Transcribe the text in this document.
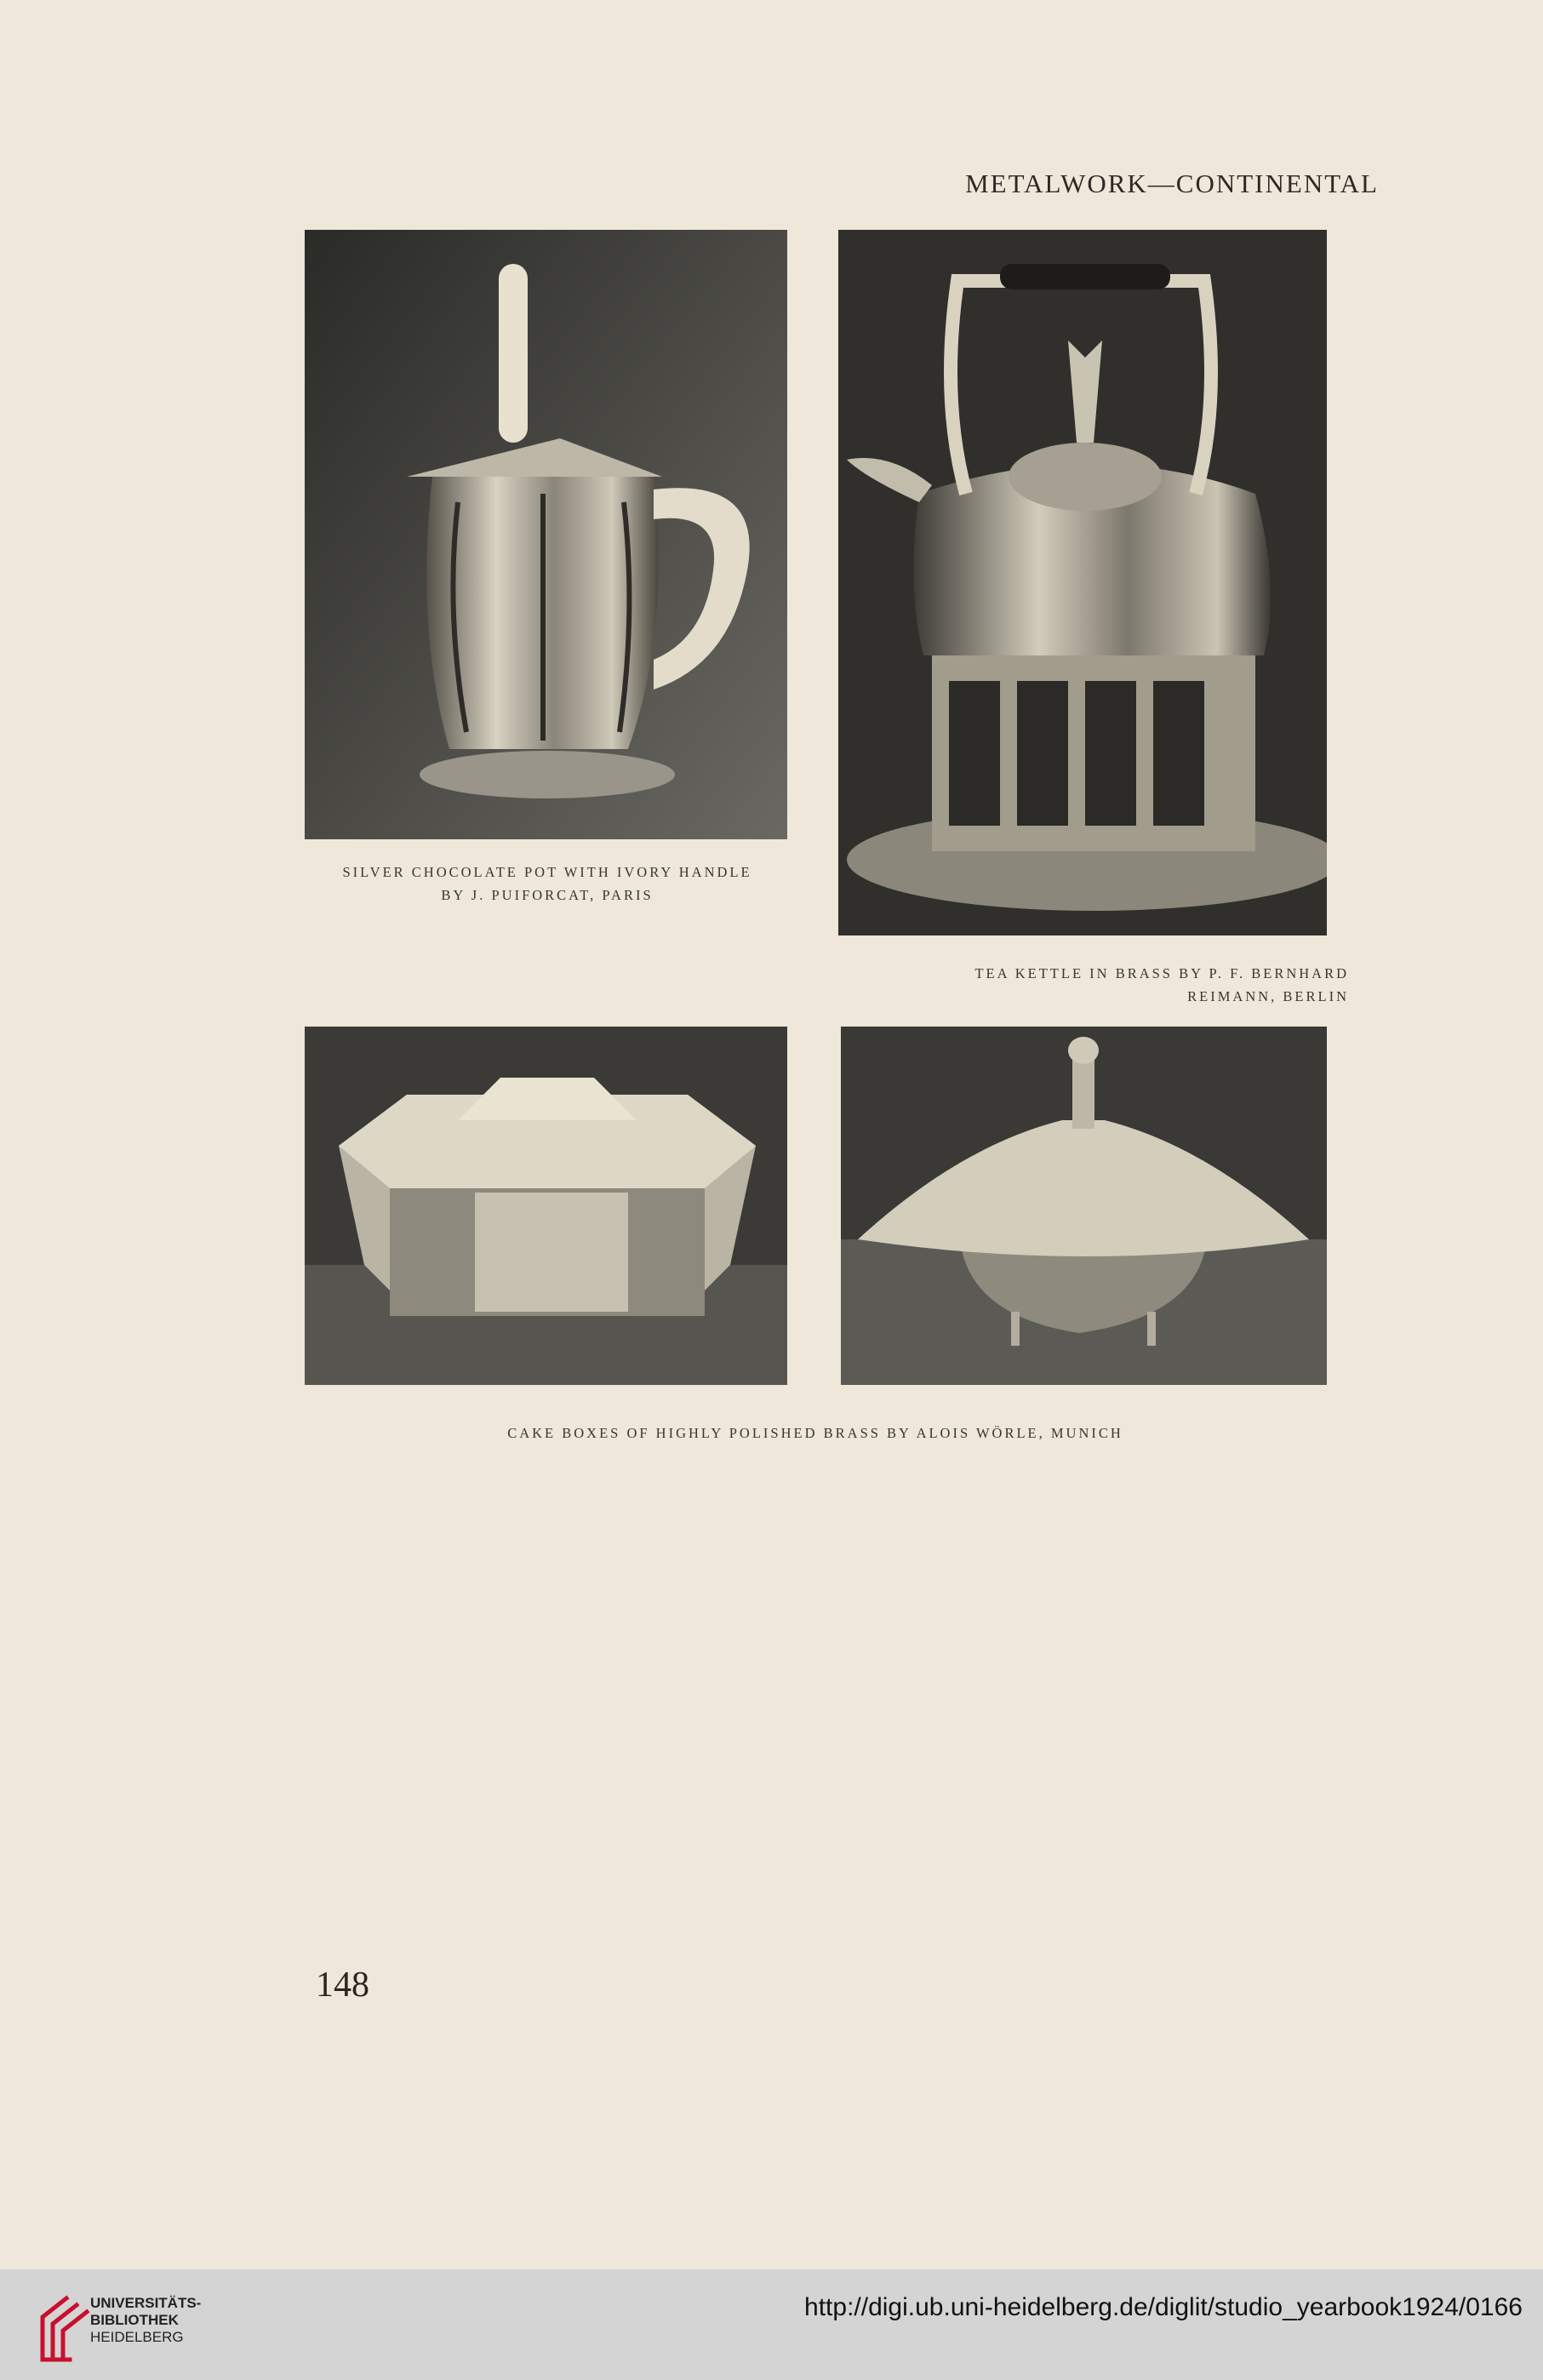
METALWORK—CONTINENTAL
SILVER CHOCOLATE POT WITH IVORY HANDLE
BY J. PUIFORCAT, PARIS
TEA KETTLE IN BRASS BY P. F. BERNHARD
REIMANN, BERLIN
CAKE BOXES OF HIGHLY POLISHED BRASS BY ALOIS WÖRLE, MUNICH
148
UNIVERSITÄTS-
BIBLIOTHEK
HEIDELBERG
http://digi.ub.uni-heidelberg.de/diglit/studio_yearbook1924/0166
